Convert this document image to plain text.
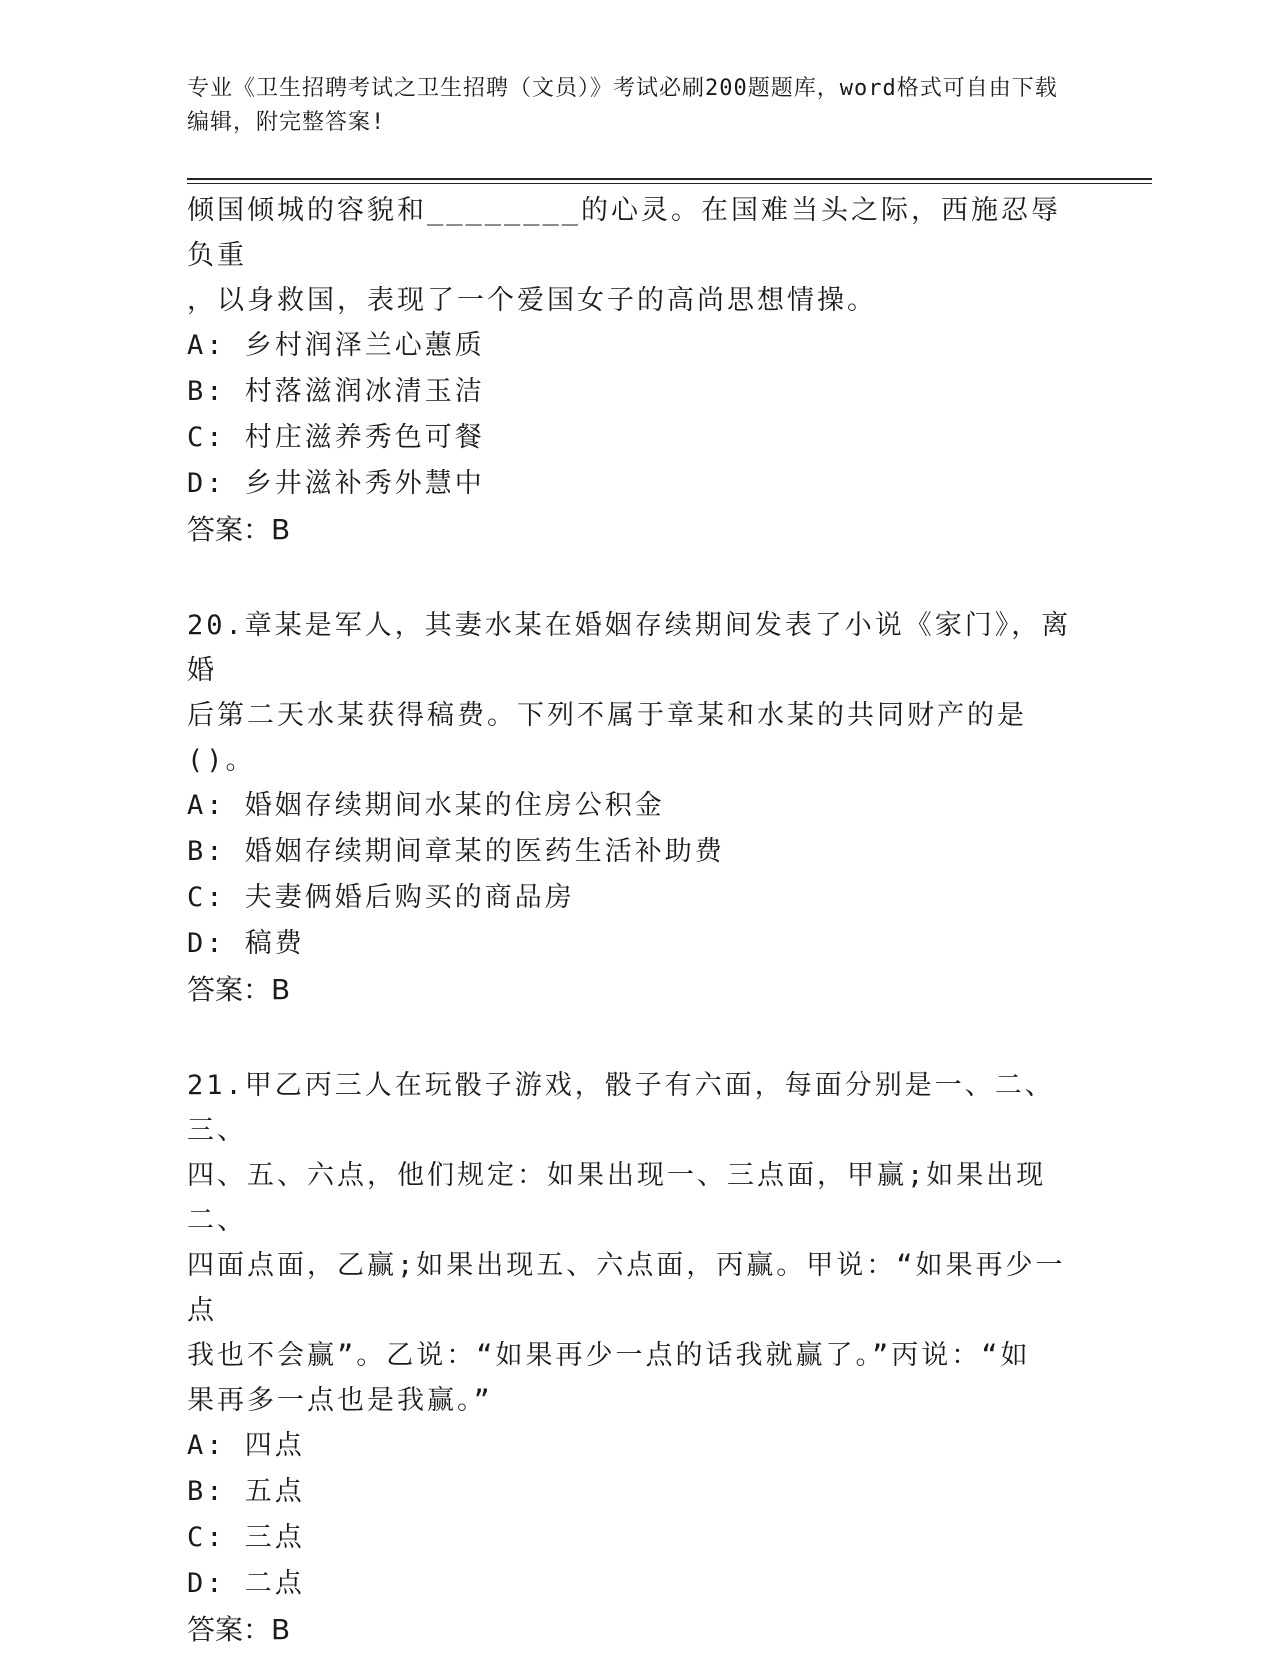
专业《卫生招聘考试之卫生招聘（文员）》考试必刷200题题库，word格式可自由下载编辑，附完整答案!

倾国倾城的容貌和________的心灵。在国难当头之际，西施忍辱负重

，以身救国，表现了一个爱国女子的高尚思想情操。

A: 乡村润泽兰心蕙质

B: 村落滋润冰清玉洁

C: 村庄滋养秀色可餐

D: 乡井滋补秀外慧中

答案：B

20.章某是军人，其妻水某在婚姻存续期间发表了小说《家门》，离婚

后第二天水某获得稿费。下列不属于章某和水某的共同财产的是()。

A: 婚姻存续期间水某的住房公积金

B: 婚姻存续期间章某的医药生活补助费

C: 夫妻俩婚后购买的商品房

D: 稿费

答案：B

21.甲乙丙三人在玩骰子游戏，骰子有六面，每面分别是一、二、三、

四、五、六点，他们规定：如果出现一、三点面，甲赢;如果出现二、

四面点面，乙赢;如果出现五、六点面，丙赢。甲说：“如果再少一点

我也不会赢”。乙说：“如果再少一点的话我就赢了。”丙说：“如

果再多一点也是我赢。”

A: 四点

B: 五点

C: 三点

D: 二点

答案：B
